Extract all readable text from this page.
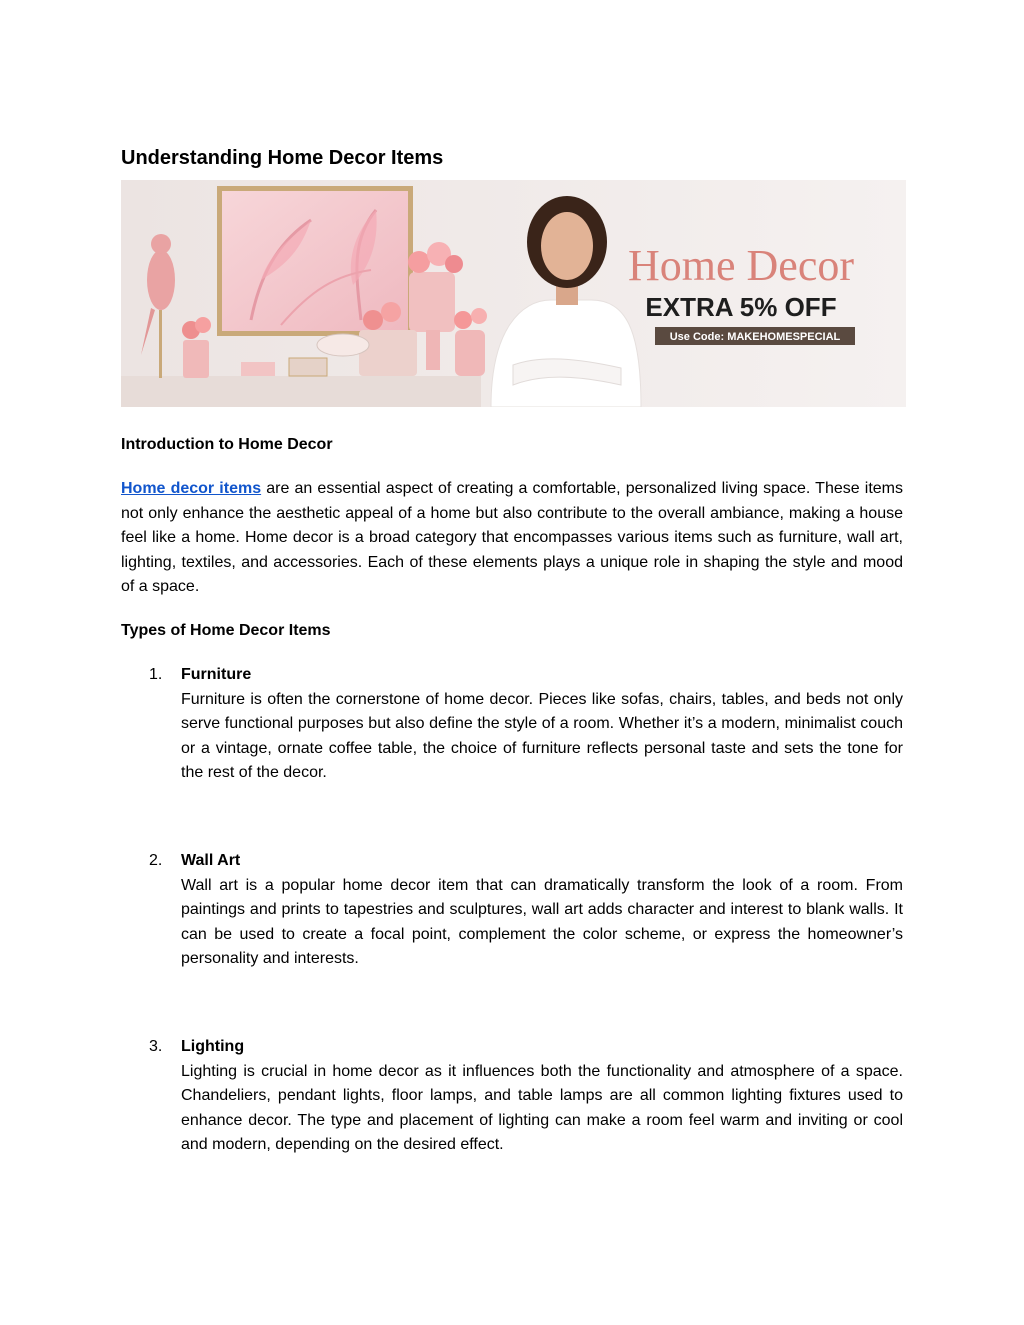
Understanding Home Decor Items
Home Decor
EXTRA 5% OFF
Use Code: MAKEHOMESPECIAL
Introduction to Home Decor

Home decor items are an essential aspect of creating a comfortable, personalized living space. These items not only enhance the aesthetic appeal of a home but also contribute to the overall ambiance, making a house feel like a home. Home decor is a broad category that encompasses various items such as furniture, wall art, lighting, textiles, and accessories. Each of these elements plays a unique role in shaping the style and mood of a space.

Types of Home Decor Items
1. Furniture

Furniture is often the cornerstone of home decor. Pieces like sofas, chairs, tables, and beds not only serve functional purposes but also define the style of a room. Whether it’s a modern, minimalist couch or a vintage, ornate coffee table, the choice of furniture reflects personal taste and sets the tone for the rest of the decor.

2. Wall Art

Wall art is a popular home decor item that can dramatically transform the look of a room. From paintings and prints to tapestries and sculptures, wall art adds character and interest to blank walls. It can be used to create a focal point, complement the color scheme, or express the homeowner’s personality and interests.

3. Lighting

Lighting is crucial in home decor as it influences both the functionality and atmosphere of a space. Chandeliers, pendant lights, floor lamps, and table lamps are all common lighting fixtures used to enhance decor. The type and placement of lighting can make a room feel warm and inviting or cool and modern, depending on the desired effect.
